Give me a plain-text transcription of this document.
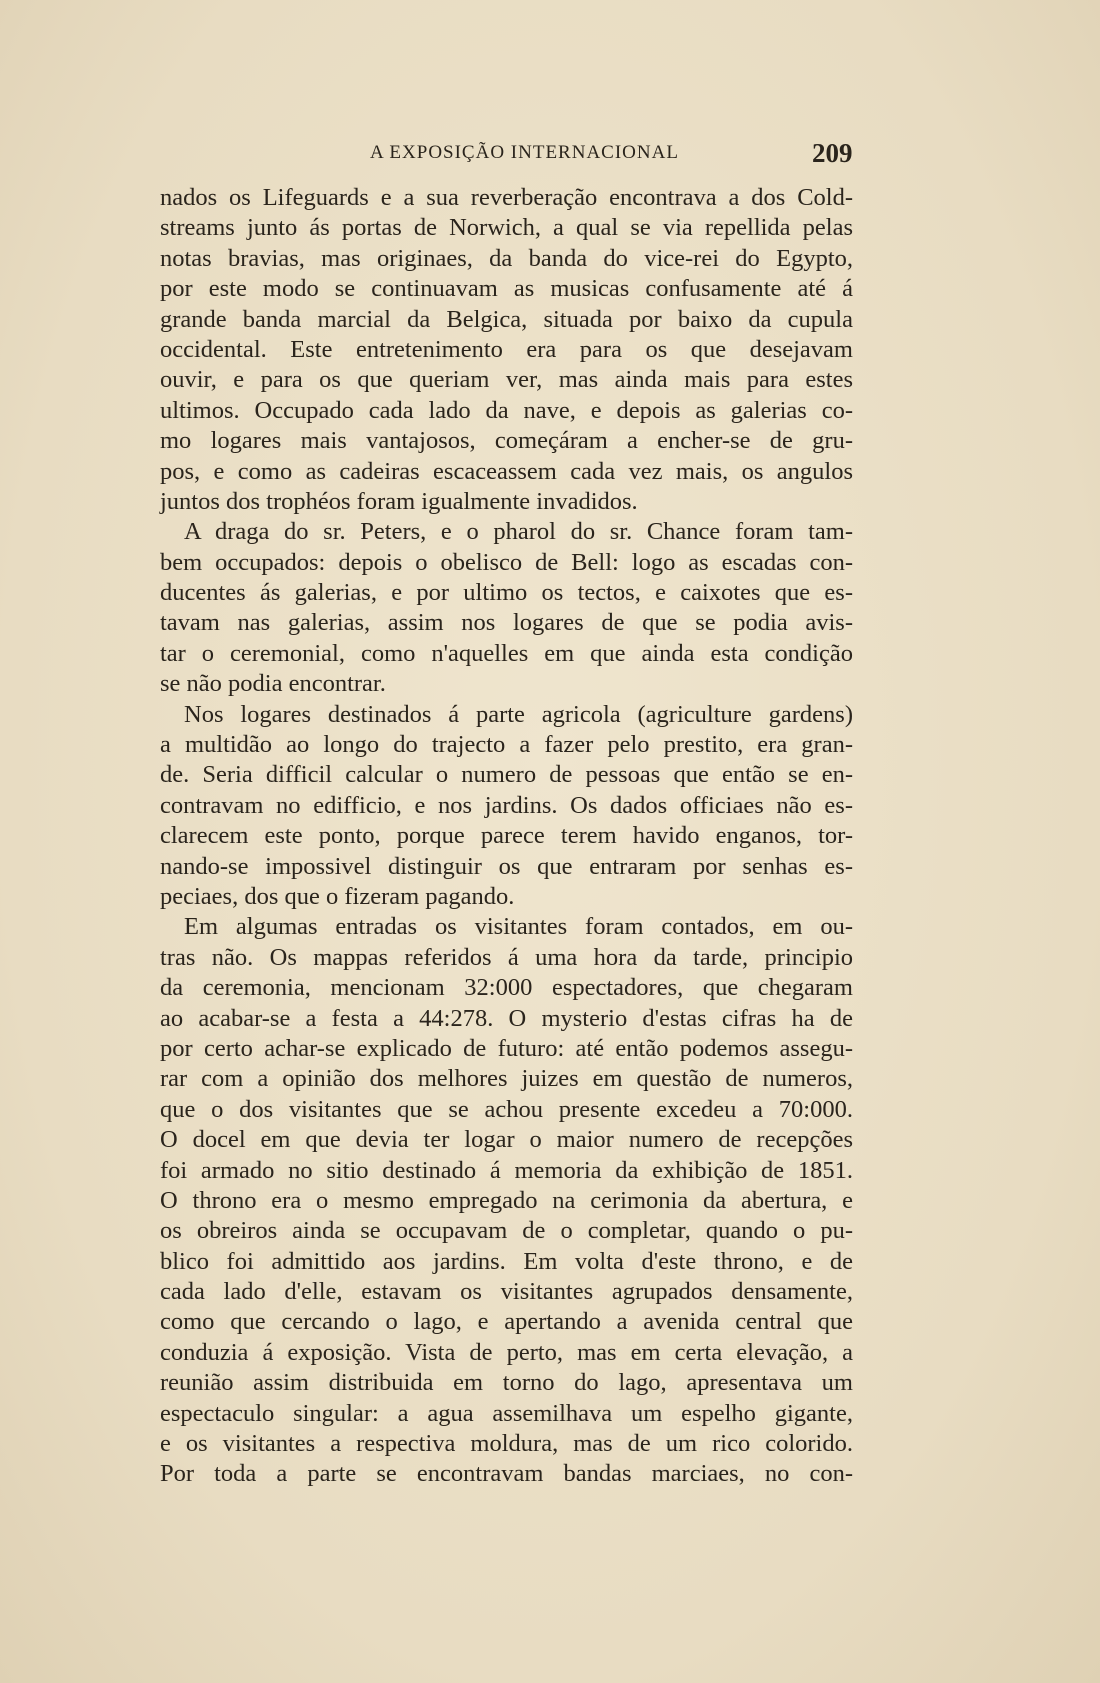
A EXPOSIÇÃO INTERNACIONAL	209
nados os Lifeguards e a sua reverberação encontrava a dos Cold-
streams junto ás portas de Norwich, a qual se via repellida pelas
notas bravias, mas originaes, da banda do vice-rei do Egypto,
por este modo se continuavam as musicas confusamente até á
grande banda marcial da Belgica, situada por baixo da cupula
occidental. Este entretenimento era para os que desejavam
ouvir, e para os que queriam ver, mas ainda mais para estes
ultimos. Occupado cada lado da nave, e depois as galerias co-
mo logares mais vantajosos, começáram a encher-se de gru-
pos, e como as cadeiras escaceassem cada vez mais, os angulos
juntos dos trophéos foram igualmente invadidos.
A draga do sr. Peters, e o pharol do sr. Chance foram tam-
bem occupados: depois o obelisco de Bell: logo as escadas con-
ducentes ás galerias, e por ultimo os tectos, e caixotes que es-
tavam nas galerias, assim nos logares de que se podia avis-
tar o ceremonial, como n'aquelles em que ainda esta condição
se não podia encontrar.
Nos logares destinados á parte agricola (agriculture gardens)
a multidão ao longo do trajecto a fazer pelo prestito, era gran-
de. Seria difficil calcular o numero de pessoas que então se en-
contravam no edifficio, e nos jardins. Os dados officiaes não es-
clarecem este ponto, porque parece terem havido enganos, tor-
nando-se impossivel distinguir os que entraram por senhas es-
peciaes, dos que o fizeram pagando.
Em algumas entradas os visitantes foram contados, em ou-
tras não. Os mappas referidos á uma hora da tarde, principio
da ceremonia, mencionam 32:000 espectadores, que chegaram
ao acabar-se a festa a 44:278. O mysterio d'estas cifras ha de
por certo achar-se explicado de futuro: até então podemos assegu-
rar com a opinião dos melhores juizes em questão de numeros,
que o dos visitantes que se achou presente excedeu a 70:000.
O docel em que devia ter logar o maior numero de recepções
foi armado no sitio destinado á memoria da exhibição de 1851.
O throno era o mesmo empregado na cerimonia da abertura, e
os obreiros ainda se occupavam de o completar, quando o pu-
blico foi admittido aos jardins. Em volta d'este throno, e de
cada lado d'elle, estavam os visitantes agrupados densamente,
como que cercando o lago, e apertando a avenida central que
conduzia á exposição. Vista de perto, mas em certa elevação, a
reunião assim distribuida em torno do lago, apresentava um
espectaculo singular: a agua assemilhava um espelho gigante,
e os visitantes a respectiva moldura, mas de um rico colorido.
Por toda a parte se encontravam bandas marciaes, no con-
